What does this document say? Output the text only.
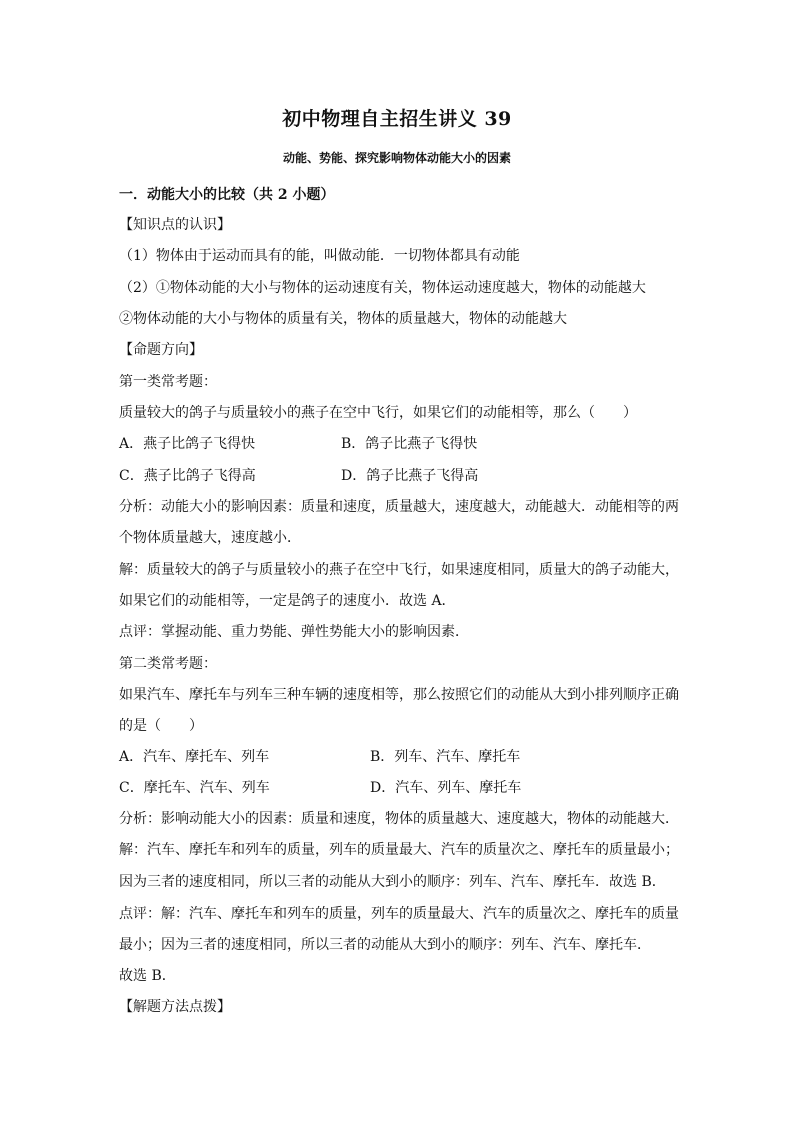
初中物理自主招生讲义 39
动能、势能、探究影响物体动能大小的因素
一．动能大小的比较（共 2 小题）
【知识点的认识】
（1）物体由于运动而具有的能，叫做动能．一切物体都具有动能
（2）①物体动能的大小与物体的运动速度有关，物体运动速度越大，物体的动能越大
②物体动能的大小与物体的质量有关，物体的质量越大，物体的动能越大
【命题方向】
第一类常考题：
质量较大的鸽子与质量较小的燕子在空中飞行，如果它们的动能相等，那么（　　）
A．燕子比鸽子飞得快	B．鸽子比燕子飞得快
C．燕子比鸽子飞得高	D．鸽子比燕子飞得高
分析：动能大小的影响因素：质量和速度，质量越大，速度越大，动能越大．动能相等的两
个物体质量越大，速度越小．
解：质量较大的鸽子与质量较小的燕子在空中飞行，如果速度相同，质量大的鸽子动能大，
如果它们的动能相等，一定是鸽子的速度小．故选 A．
点评：掌握动能、重力势能、弹性势能大小的影响因素．
第二类常考题：
如果汽车、摩托车与列车三种车辆的速度相等，那么按照它们的动能从大到小排列顺序正确
的是（　　）
A．汽车、摩托车、列车	B．列车、汽车、摩托车
C．摩托车、汽车、列车	D．汽车、列车、摩托车
分析：影响动能大小的因素：质量和速度，物体的质量越大、速度越大，物体的动能越大．
解：汽车、摩托车和列车的质量，列车的质量最大、汽车的质量次之、摩托车的质量最小；
因为三者的速度相同，所以三者的动能从大到小的顺序：列车、汽车、摩托车．故选 B．
点评：解：汽车、摩托车和列车的质量，列车的质量最大、汽车的质量次之、摩托车的质量
最小；因为三者的速度相同，所以三者的动能从大到小的顺序：列车、汽车、摩托车．
故选 B．
【解题方法点拨】
